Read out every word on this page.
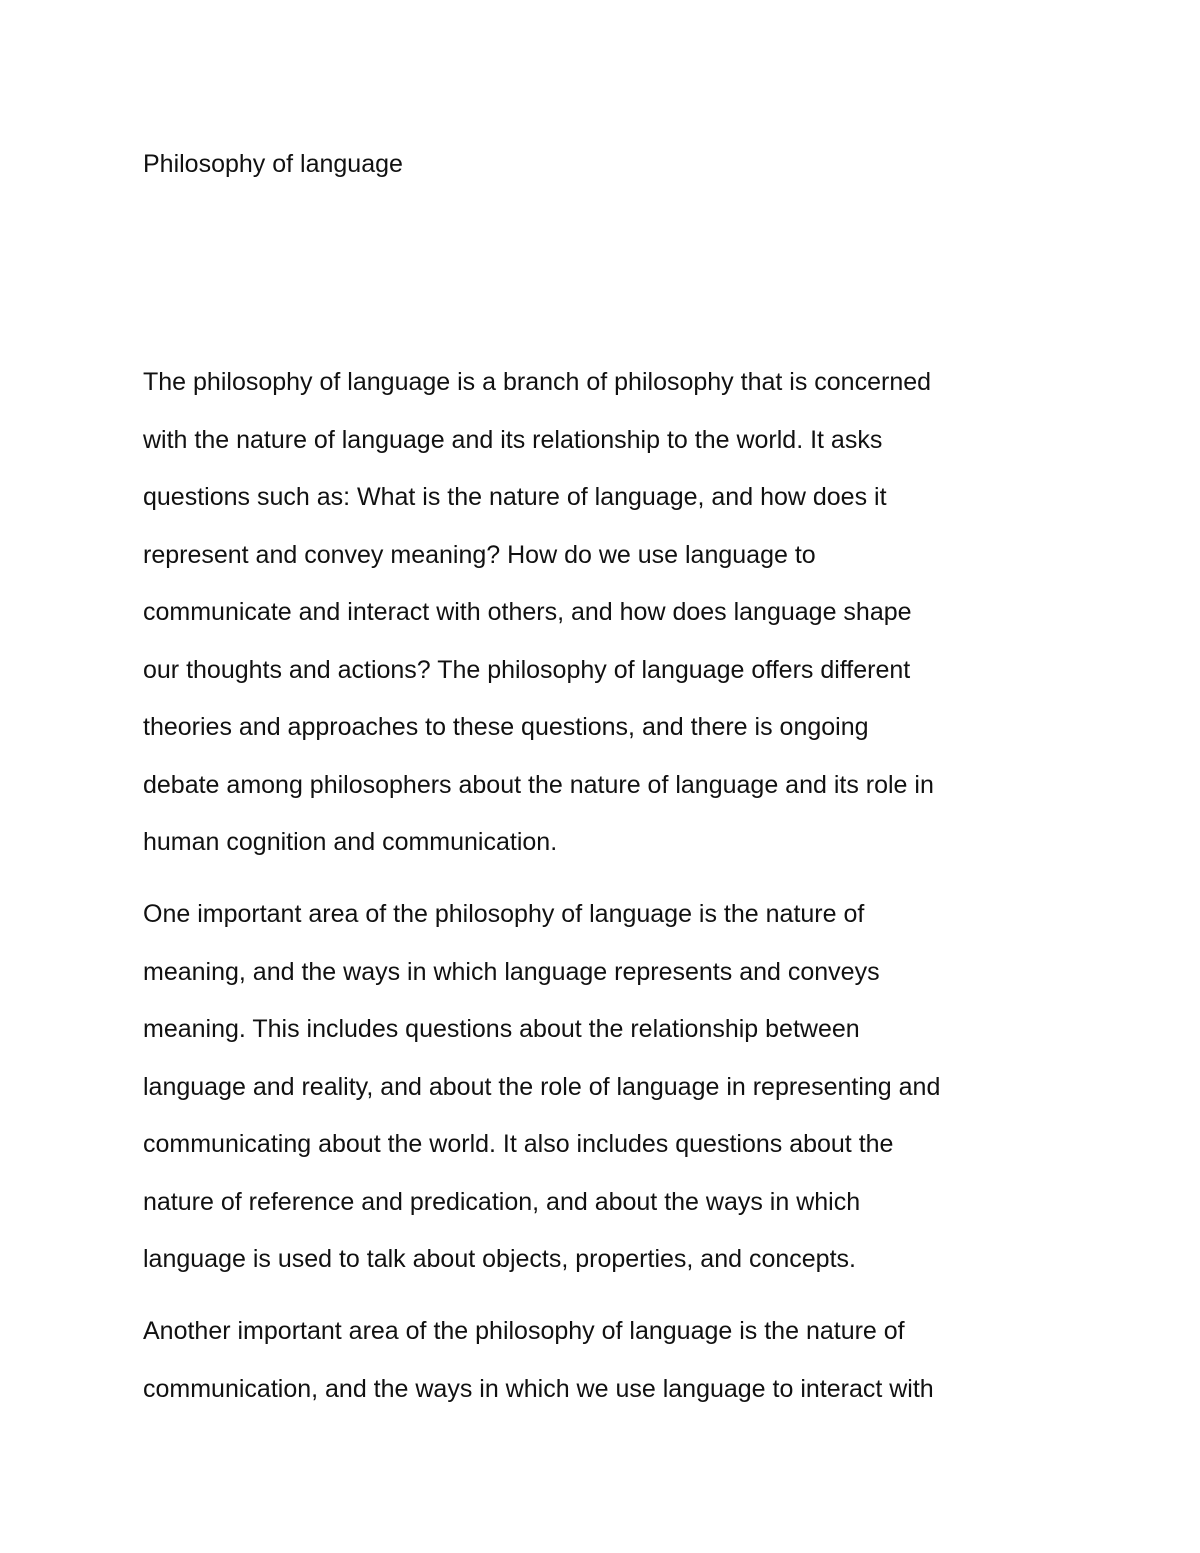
Philosophy of language

The philosophy of language is a branch of philosophy that is concerned

with the nature of language and its relationship to the world. It asks

questions such as: What is the nature of language, and how does it

represent and convey meaning? How do we use language to

communicate and interact with others, and how does language shape

our thoughts and actions? The philosophy of language offers different

theories and approaches to these questions, and there is ongoing

debate among philosophers about the nature of language and its role in

human cognition and communication.

One important area of the philosophy of language is the nature of

meaning, and the ways in which language represents and conveys

meaning. This includes questions about the relationship between

language and reality, and about the role of language in representing and

communicating about the world. It also includes questions about the

nature of reference and predication, and about the ways in which

language is used to talk about objects, properties, and concepts.

Another important area of the philosophy of language is the nature of

communication, and the ways in which we use language to interact with
